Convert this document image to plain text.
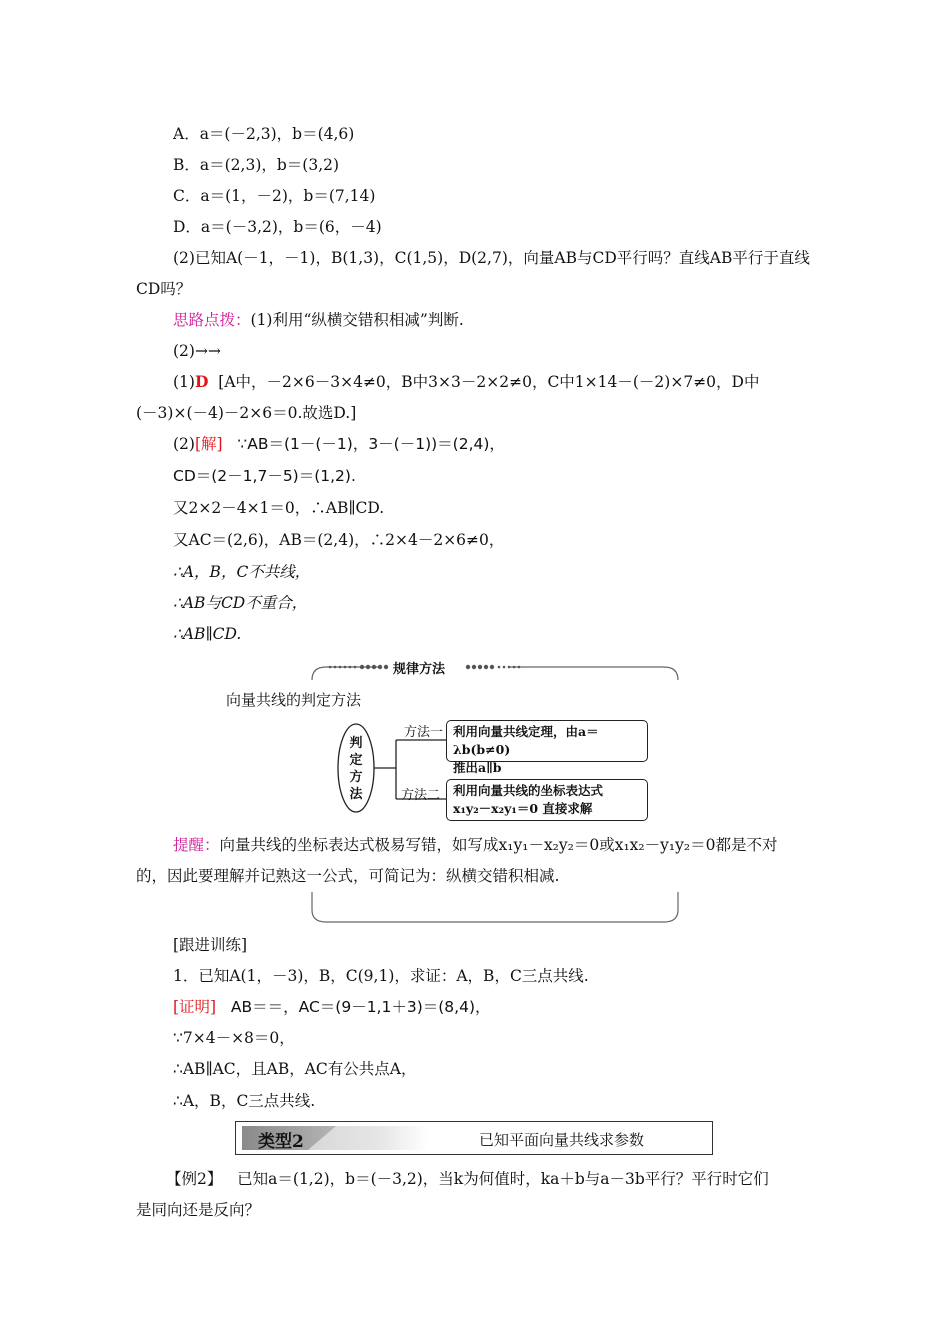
A．a＝(－2,3)，b＝(4,6)
B．a＝(2,3)，b＝(3,2)
C．a＝(1，－2)，b＝(7,14)
D．a＝(－3,2)，b＝(6，－4)
(2)已知A(－1，－1)，B(1,3)，C(1,5)，D(2,7)，向量AB与CD平行吗？直线AB平行于直线
CD吗？
思路点拨：(1)利用“纵横交错积相减”判断.
(2)→→
(1)D [A中，－2×6－3×4≠0，B中3×3－2×2≠0，C中1×14－(－2)×7≠0，D中
(－3)×(－4)－2×6＝0.故选D.]
(2)[解] ∵AB＝(1－(－1)，3－(－1))＝(2,4)，
CD＝(2－1,7－5)＝(1,2).
又2×2－4×1＝0，∴AB∥CD.
又AC＝(2,6)，AB＝(2,4)，∴2×4－2×6≠0，
∴A，B，C不共线，
∴AB与CD不重合，
∴AB∥CD.
规律方法
向量共线的判定方法
判
定
方
法
方法一 利用向量共线定理，由a＝λb(b≠0)
推出a∥b
方法二 利用向量共线的坐标表达式
x₁y₂－x₂y₁＝0 直接求解
提醒：向量共线的坐标表达式极易写错，如写成x₁y₁－x₂y₂＝0或x₁x₂－y₁y₂＝0都是不对
的，因此要理解并记熟这一公式，可简记为：纵横交错积相减.
[跟进训练]
1．已知A(1，－3)，B，C(9,1)，求证：A，B，C三点共线.
[证明] AB＝＝，AC＝(9－1,1＋3)＝(8,4)，
∵7×4－×8＝0，
∴AB∥AC，且AB，AC有公共点A，
∴A，B，C三点共线.
类型2	已知平面向量共线求参数
【例2】 已知a＝(1,2)，b＝(－3,2)，当k为何值时，ka＋b与a－3b平行？平行时它们
是同向还是反向？
